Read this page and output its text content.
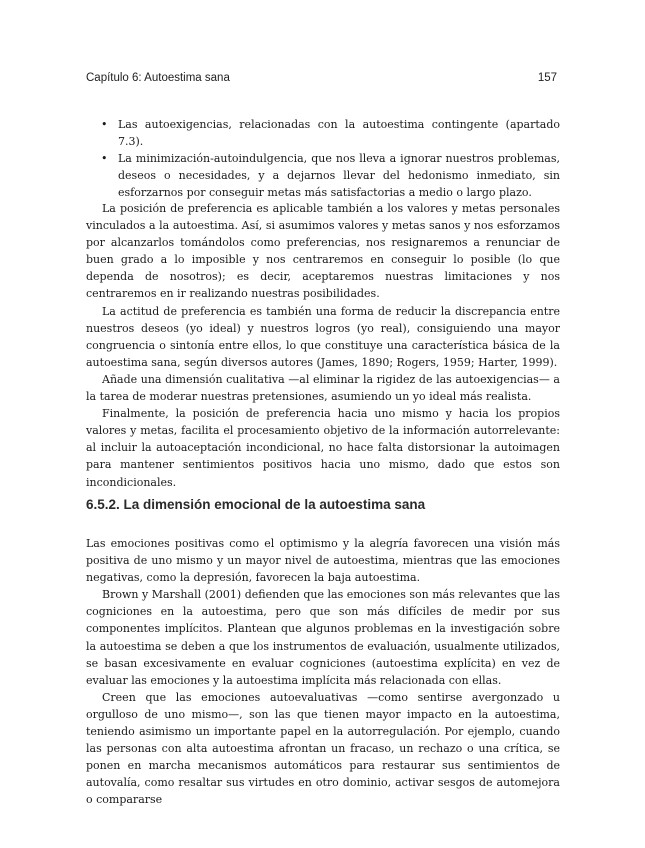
Capítulo 6: Autoestima sana	157
• Las autoexigencias, relacionadas con la autoestima contingente (apartado 7.3).
• La minimización-autoindulgencia, que nos lleva a ignorar nuestros problemas, deseos o necesidades, y a dejarnos llevar del hedonismo inmediato, sin esforzarnos por conseguir metas más satisfactorias a medio o largo plazo.

La posición de preferencia es aplicable también a los valores y metas personales vinculados a la autoestima. Así, si asumimos valores y metas sanos y nos esforzamos por alcanzarlos tomándolos como preferencias, nos resignaremos a renunciar de buen grado a lo imposible y nos centraremos en conseguir lo posible (lo que dependa de nosotros); es decir, aceptaremos nuestras limitaciones y nos centraremos en ir realizando nuestras posibilidades.

La actitud de preferencia es también una forma de reducir la discrepancia entre nuestros deseos (yo ideal) y nuestros logros (yo real), consiguiendo una mayor congruencia o sintonía entre ellos, lo que constituye una característica básica de la autoestima sana, según diversos autores (James, 1890; Rogers, 1959; Harter, 1999).

Añade una dimensión cualitativa —al eliminar la rigidez de las autoexigencias— a la tarea de moderar nuestras pretensiones, asumiendo un yo ideal más realista.

Finalmente, la posición de preferencia hacia uno mismo y hacia los propios valores y metas, facilita el procesamiento objetivo de la información autorrelevante: al incluir la autoaceptación incondicional, no hace falta distorsionar la autoimagen para mantener sentimientos positivos hacia uno mismo, dado que estos son incondicionales.

6.5.2. La dimensión emocional de la autoestima sana

Las emociones positivas como el optimismo y la alegría favorecen una visión más positiva de uno mismo y un mayor nivel de autoestima, mientras que las emociones negativas, como la depresión, favorecen la baja autoestima.

Brown y Marshall (2001) defienden que las emociones son más relevantes que las cogniciones en la autoestima, pero que son más difíciles de medir por sus componentes implícitos. Plantean que algunos problemas en la investigación sobre la autoestima se deben a que los instrumentos de evaluación, usualmente utilizados, se basan excesivamente en evaluar cogniciones (autoestima explícita) en vez de evaluar las emociones y la autoestima implícita más relacionada con ellas.

Creen que las emociones autoevaluativas —como sentirse avergonzado u orgulloso de uno mismo—, son las que tienen mayor impacto en la autoestima, teniendo asimismo un importante papel en la autorregulación. Por ejemplo, cuando las personas con alta autoestima afrontan un fracaso, un rechazo o una crítica, se ponen en marcha mecanismos automáticos para restaurar sus sentimientos de autovalía, como resaltar sus virtudes en otro dominio, activar sesgos de automejora o compararse
